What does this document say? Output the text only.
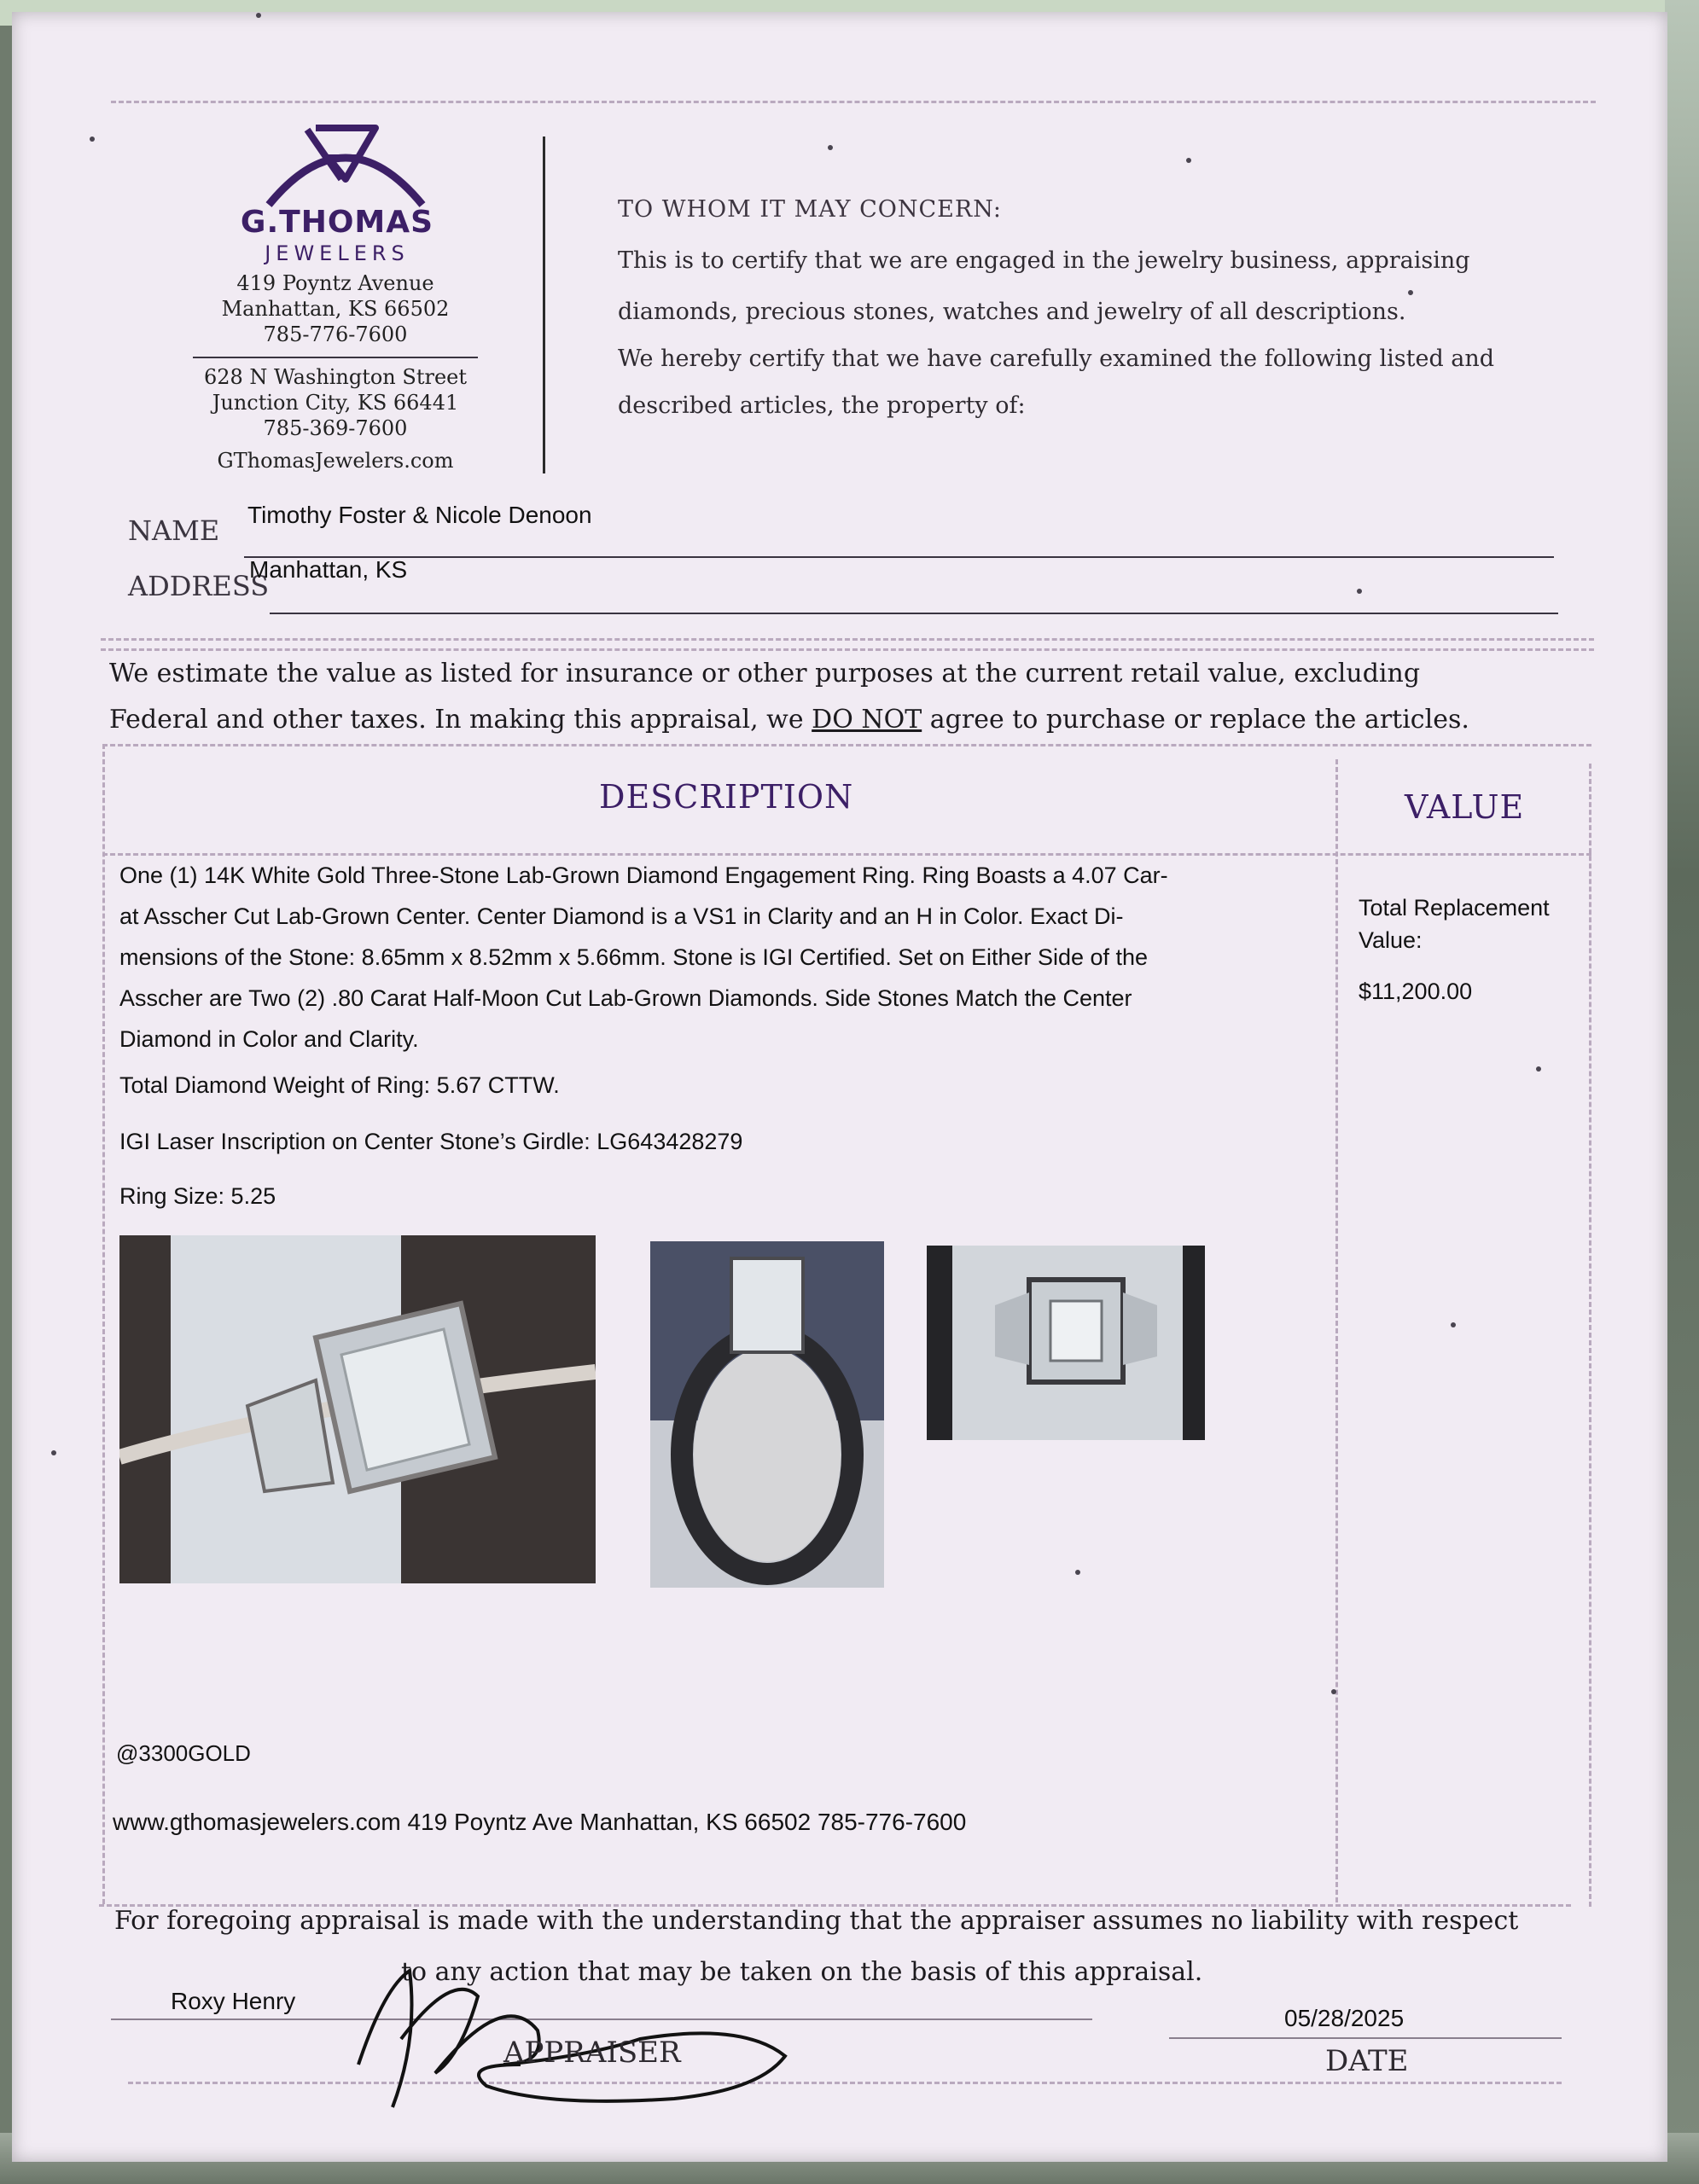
G.THOMAS
JEWELERS
419 Poyntz Avenue
Manhattan, KS 66502
785-776-7600
628 N Washington Street
Junction City, KS 66441
785-369-7600
GThomasJewelers.com
TO WHOM IT MAY CONCERN:
This is to certify that we are engaged in the jewelry business, appraising
diamonds, precious stones, watches and jewelry of all descriptions.
We hereby certify that we have carefully examined the following listed and
described articles, the property of:
NAME Timothy Foster & Nicole Denoon
ADDRESS
Manhattan, KS
We estimate the value as listed for insurance or other purposes at the current retail value, excluding
Federal and other taxes. In making this appraisal, we DO NOT agree to purchase or replace the articles.
DESCRIPTION	VALUE
One (1) 14K White Gold Three-Stone Lab-Grown Diamond Engagement Ring. Ring Boasts a 4.07 Car-
at Asscher Cut Lab-Grown Center. Center Diamond is a VS1 in Clarity and an H in Color. Exact Di-
mensions of the Stone: 8.65mm x 8.52mm x 5.66mm. Stone is IGI Certified. Set on Either Side of the
Asscher are Two (2) .80 Carat Half-Moon Cut Lab-Grown Diamonds. Side Stones Match the Center
Diamond in Color and Clarity.
Total Diamond Weight of Ring: 5.67 CTTW.
IGI Laser Inscription on Center Stone’s Girdle: LG643428279
Ring Size: 5.25
Total Replacement
Value:
$11,200.00
@3300GOLD
www.gthomasjewelers.com 419 Poyntz Ave Manhattan, KS 66502 785-776-7600
For foregoing appraisal is made with the understanding that the appraiser assumes no liability with respect
to any action that may be taken on the basis of this appraisal.
Roxy Henry
APPRAISER
05/28/2025
DATE
